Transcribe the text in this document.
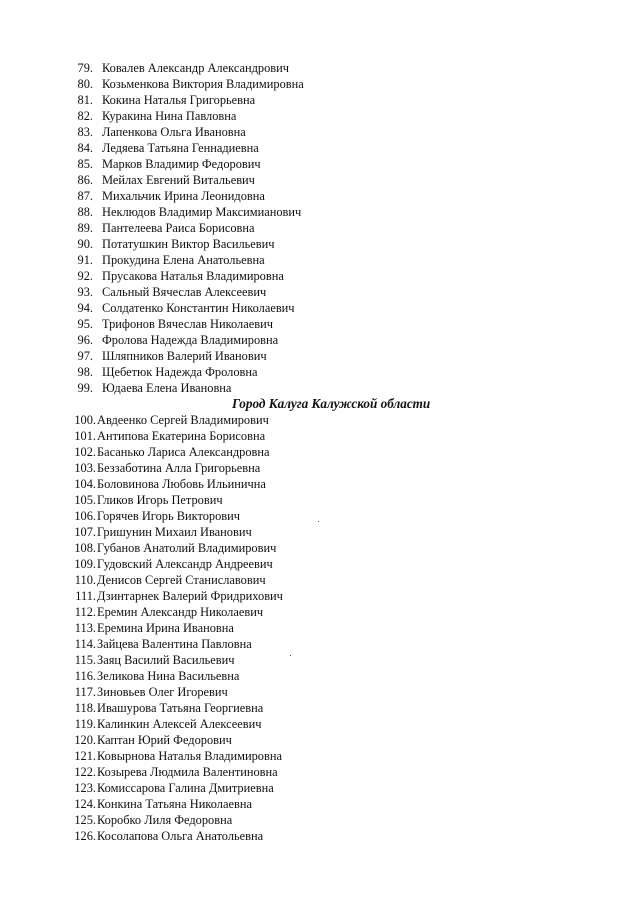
79. Ковалев Александр Александрович
80. Козьменкова Виктория Владимировна
81. Кокина Наталья Григорьевна
82. Куракина Нина Павловна
83. Лапенкова Ольга Ивановна
84. Ледяева Татьяна Геннадиевна
85. Марков Владимир Федорович
86. Мейлах Евгений Витальевич
87. Михальчик Ирина Леонидовна
88. Неклюдов Владимир Максимианович
89. Пантелеева Раиса Борисовна
90. Потатушкин Виктор Васильевич
91. Прокудина Елена Анатольевна
92. Прусакова Наталья Владимировна
93. Сальный Вячеслав Алексеевич
94. Солдатенко Константин Николаевич
95. Трифонов Вячеслав Николаевич
96. Фролова Надежда Владимировна
97. Шляпников Валерий Иванович
98. Щебетюк Надежда Фроловна
99. Юдаева Елена Ивановна
Город Калуга Калужской области
100. Авдеенко Сергей Владимирович
101. Антипова Екатерина Борисовна
102. Басанько Лариса Александровна
103. Беззаботина Алла Григорьевна
104. Боловинова Любовь Ильинична
105. Гликов Игорь Петрович
106. Горячев Игорь Викторович
107. Гришунин Михаил Иванович
108. Губанов Анатолий Владимирович
109. Гудовский Александр Андреевич
110. Денисов Сергей Станиславович
111. Дзинтарнек Валерий Фридрихович
112. Еремин Александр Николаевич
113. Еремина Ирина Ивановна
114. Зайцева Валентина Павловна
115. Заяц Василий Васильевич
116. Зеликова Нина Васильевна
117. Зиновьев Олег Игоревич
118. Ивашурова Татьяна Георгиевна
119. Калинкин Алексей Алексеевич
120. Каптан Юрий Федорович
121. Ковырнова Наталья Владимировна
122. Козырева Людмила Валентиновна
123. Комиссарова Галина Дмитриевна
124. Конкина Татьяна Николаевна
125. Коробко Лиля Федоровна
126. Косолапова Ольга Анатольевна
